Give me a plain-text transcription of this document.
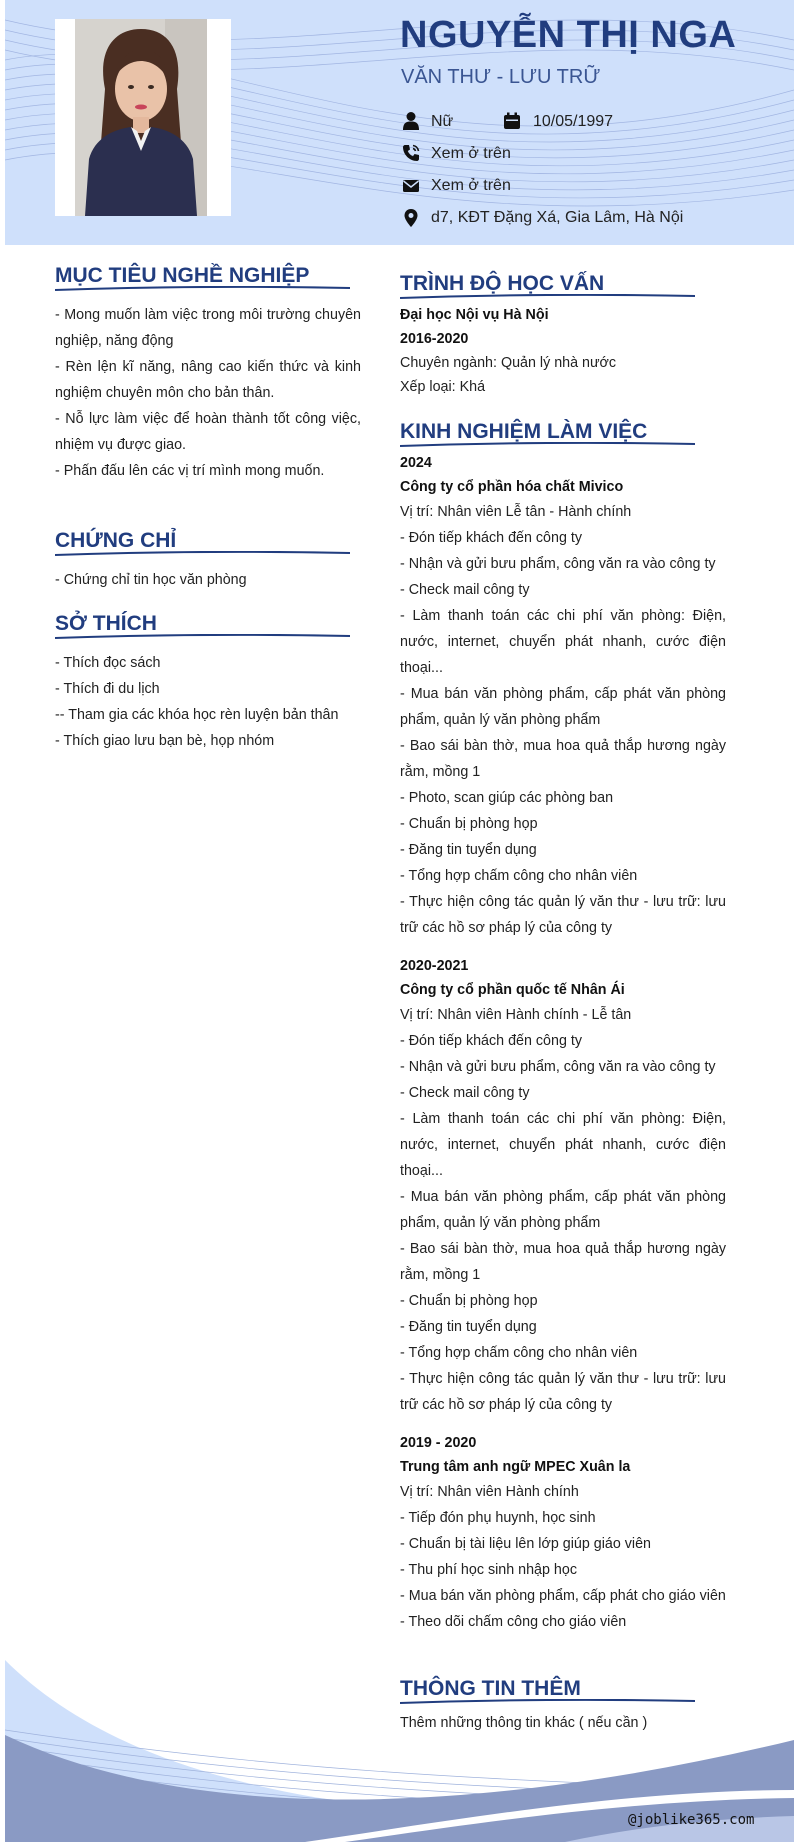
NGUYỄN THỊ NGA
VĂN THƯ - LƯU TRỮ
Nữ	10/05/1997
Xem ở trên
Xem ở trên
d7, KĐT Đặng Xá, Gia Lâm, Hà Nội
MỤC TIÊU NGHỀ NGHIỆP

- Mong muốn làm việc trong môi trường chuyên nghiệp, năng động

- Rèn lện kĩ năng, nâng cao kiến thức và kinh nghiệm chuyên môn cho bản thân.

- Nỗ lực làm việc để hoàn thành tốt công việc, nhiệm vụ được giao.

- Phấn đấu lên các vị trí mình mong muốn.

CHỨNG CHỈ

- Chứng chỉ tin học văn phòng

SỞ THÍCH

- Thích đọc sách

- Thích đi du lịch

-- Tham gia các khóa học rèn luyện bản thân

- Thích giao lưu bạn bè, họp nhóm

TRÌNH ĐỘ HỌC VẤN

Đại học Nội vụ Hà Nội

2016-2020

Chuyên ngành: Quản lý nhà nước

Xếp loại: Khá

KINH NGHIỆM LÀM VIỆC

2024

Công ty cổ phần hóa chất Mivico

Vị trí: Nhân viên Lễ tân - Hành chính

- Đón tiếp khách đến công ty

- Nhận và gửi bưu phẩm, công văn ra vào công ty

- Check mail công ty

- Làm thanh toán các chi phí văn phòng: Điện, nước, internet, chuyển phát nhanh, cước điện thoại...

- Mua bán văn phòng phẩm, cấp phát văn phòng phẩm, quản lý văn phòng phẩm

- Bao sái bàn thờ, mua hoa quả thắp hương ngày rằm, mồng 1

- Photo, scan giúp các phòng ban

- Chuẩn bị phòng họp

- Đăng tin tuyển dụng

- Tổng hợp chấm công cho nhân viên

- Thực hiện công tác quản lý văn thư - lưu trữ: lưu trữ các hồ sơ pháp lý của công ty

2020-2021

Công ty cổ phần quốc tế Nhân Ái

Vị trí: Nhân viên Hành chính - Lễ tân

- Đón tiếp khách đến công ty

- Nhận và gửi bưu phẩm, công văn ra vào công ty

- Check mail công ty

- Làm thanh toán các chi phí văn phòng: Điện, nước, internet, chuyển phát nhanh, cước điện thoại...

- Mua bán văn phòng phẩm, cấp phát văn phòng phẩm, quản lý văn phòng phẩm

- Bao sái bàn thờ, mua hoa quả thắp hương ngày rằm, mồng 1

- Chuẩn bị phòng họp

- Đăng tin tuyển dụng

- Tổng hợp chấm công cho nhân viên

- Thực hiện công tác quản lý văn thư - lưu trữ: lưu trữ các hồ sơ pháp lý của công ty

2019 - 2020

Trung tâm anh ngữ MPEC Xuân la

Vị trí: Nhân viên Hành chính

- Tiếp đón phụ huynh, học sinh

- Chuẩn bị tài liệu lên lớp giúp giáo viên

- Thu phí học sinh nhập học

- Mua bán văn phòng phẩm, cấp phát cho giáo viên

- Theo dõi chấm công cho giáo viên

THÔNG TIN THÊM

Thêm những thông tin khác ( nếu cần )

@joblike365.com
